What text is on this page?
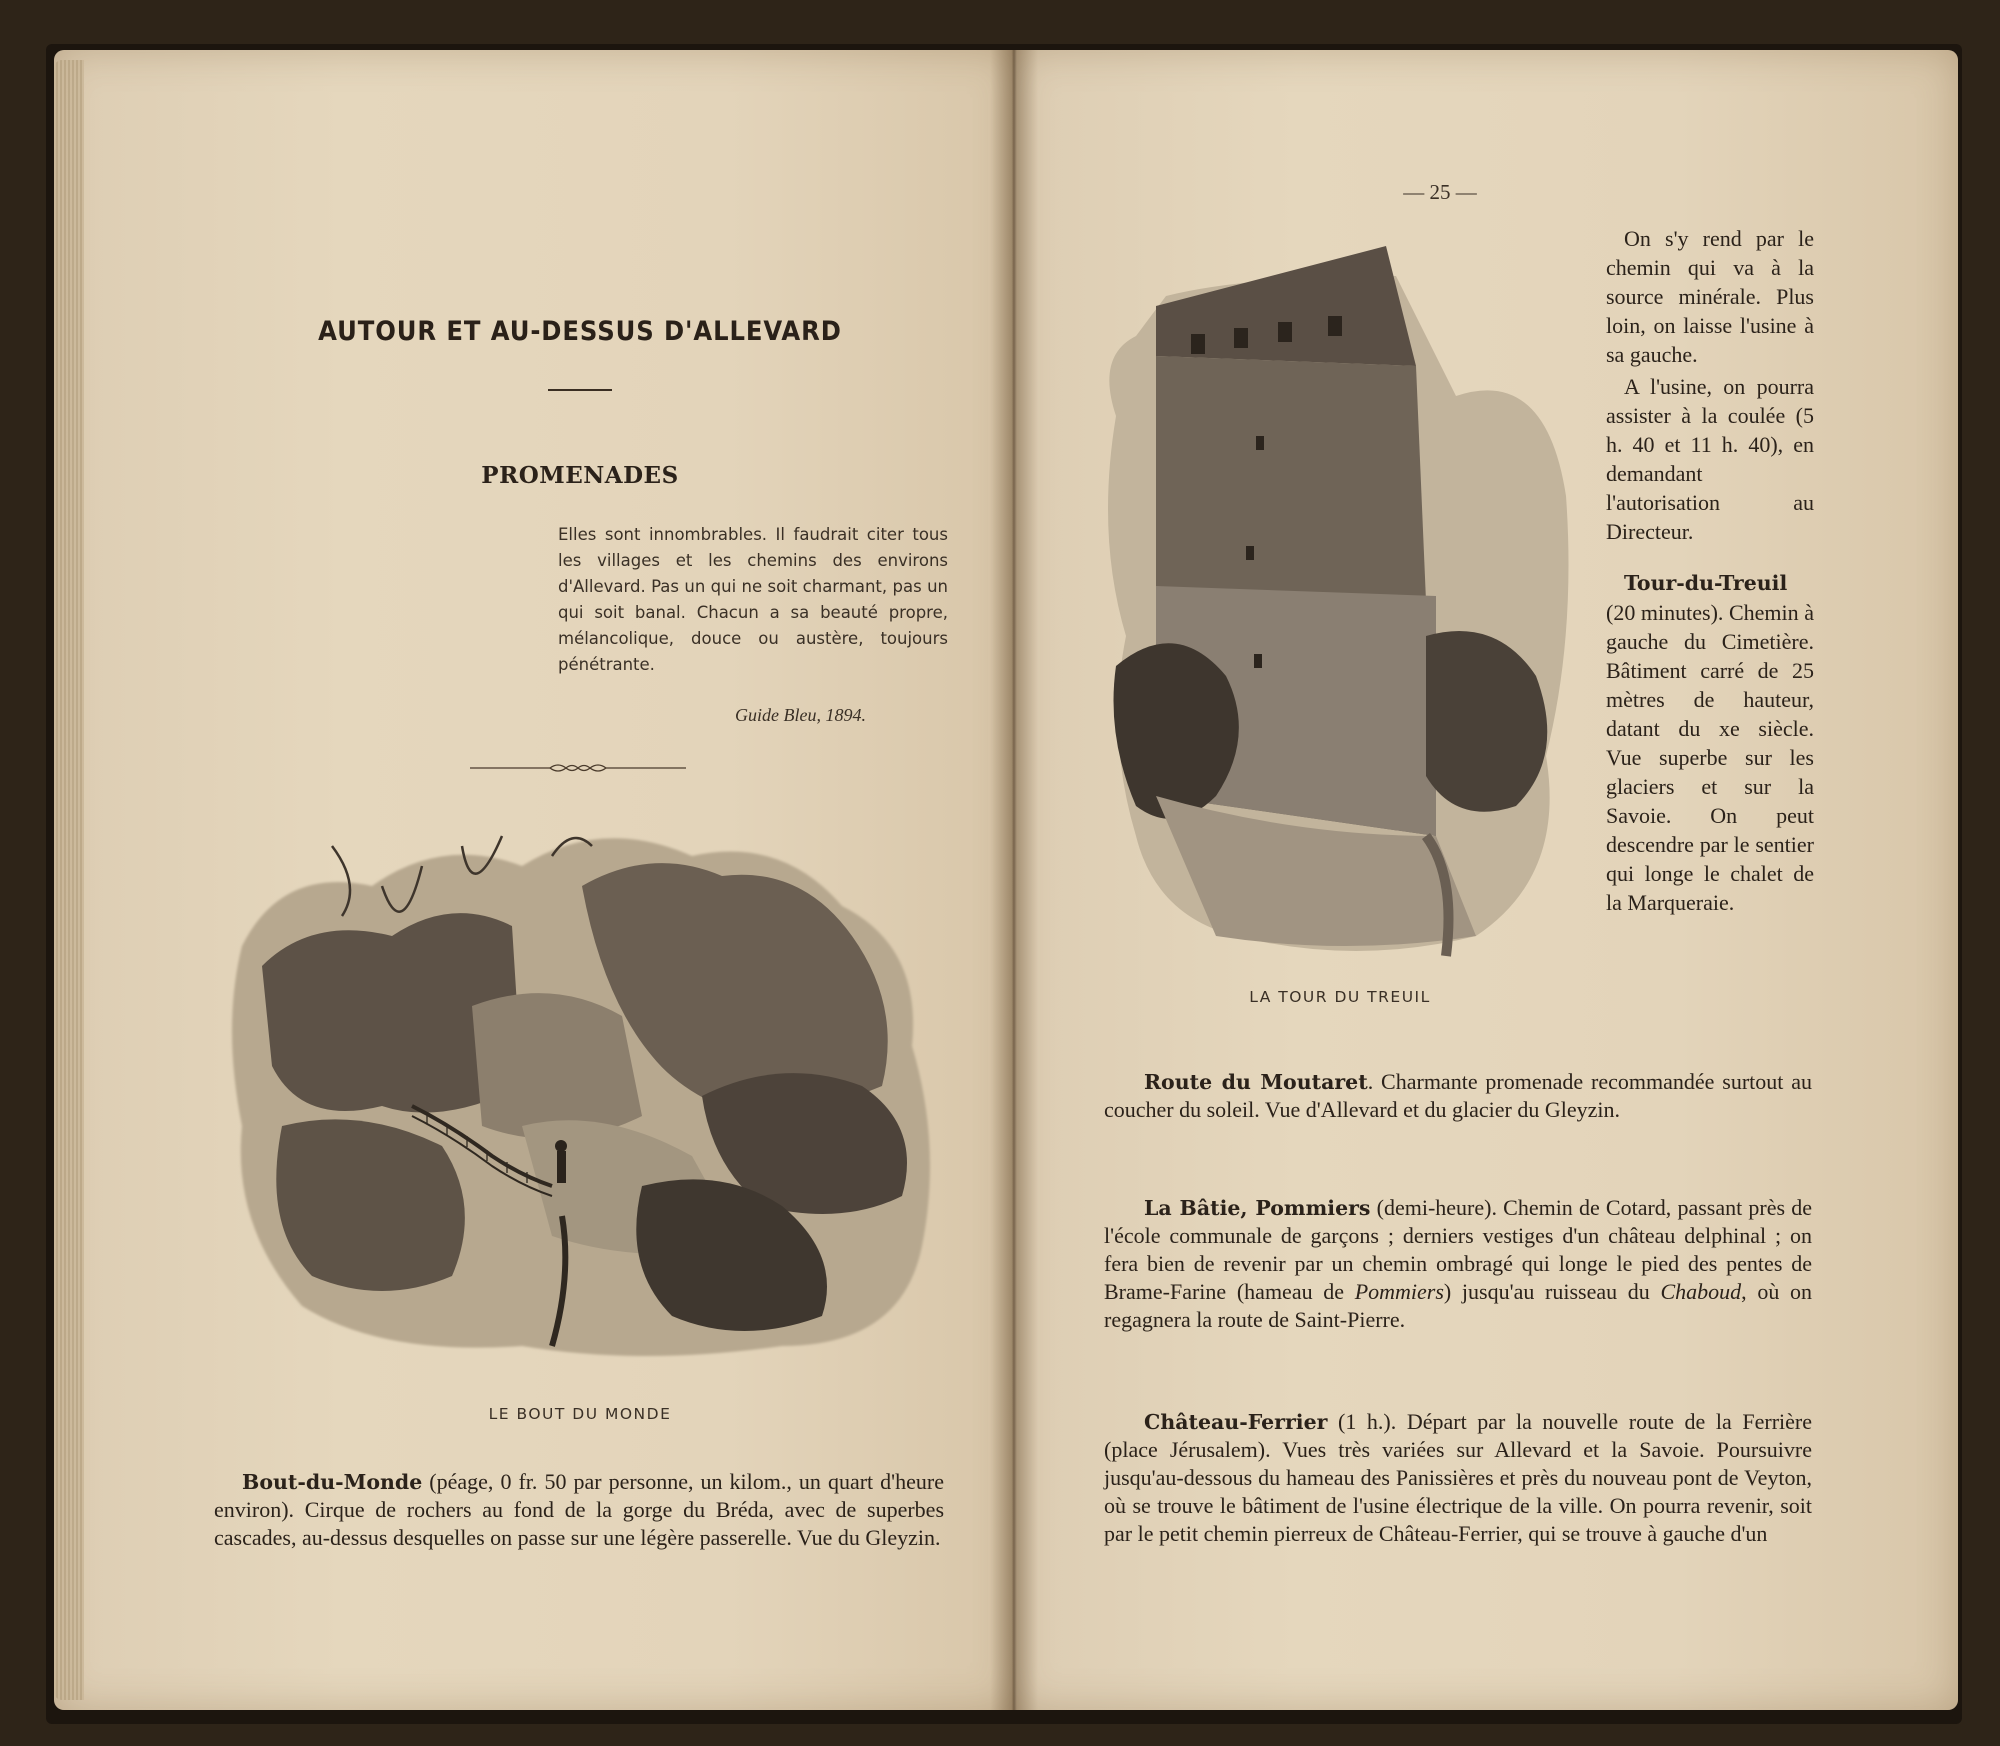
AUTOUR ET AU-DESSUS D'ALLEVARD
PROMENADES
Elles sont innombrables. Il faudrait citer tous les villages et les chemins des environs d'Allevard. Pas un qui ne soit charmant, pas un qui soit banal. Chacun a sa beauté propre, mélancolique, douce ou austère, toujours pénétrante.
Guide Bleu, 1894.
LE BOUT DU MONDE

Bout-du-Monde (péage, 0 fr. 50 par personne, un kilom., un quart d'heure environ). Cirque de rochers au fond de la gorge du Bréda, avec de superbes cascades, au-dessus desquelles on passe sur une légère passerelle. Vue du Gleyzin.

— 25 —
LA TOUR DU TREUIL

On s'y rend par le chemin qui va à la source minérale. Plus loin, on laisse l'usine à sa gauche.

A l'usine, on pourra assister à la coulée (5 h. 40 et 11 h. 40), en demandant l'autorisation au Directeur.

Tour-du-Treuil (20 minutes). Chemin à gauche du Cimetière. Bâtiment carré de 25 mètres de hauteur, datant du xe siècle. Vue superbe sur les glaciers et sur la Savoie. On peut descendre par le sentier qui longe le chalet de la Marqueraie.

Route du Moutaret. Charmante promenade recommandée surtout au coucher du soleil. Vue d'Allevard et du glacier du Gleyzin.

La Bâtie, Pommiers (demi-heure). Chemin de Cotard, passant près de l'école communale de garçons ; derniers vestiges d'un château delphinal ; on fera bien de revenir par un chemin ombragé qui longe le pied des pentes de Brame-Farine (hameau de Pommiers) jusqu'au ruisseau du Chaboud, où on regagnera la route de Saint-Pierre.

Château-Ferrier (1 h.). Départ par la nouvelle route de la Ferrière (place Jérusalem). Vues très variées sur Allevard et la Savoie. Poursuivre jusqu'au-dessous du hameau des Panissières et près du nouveau pont de Veyton, où se trouve le bâtiment de l'usine électrique de la ville. On pourra revenir, soit par le petit chemin pierreux de Château-Ferrier, qui se trouve à gauche d'un
